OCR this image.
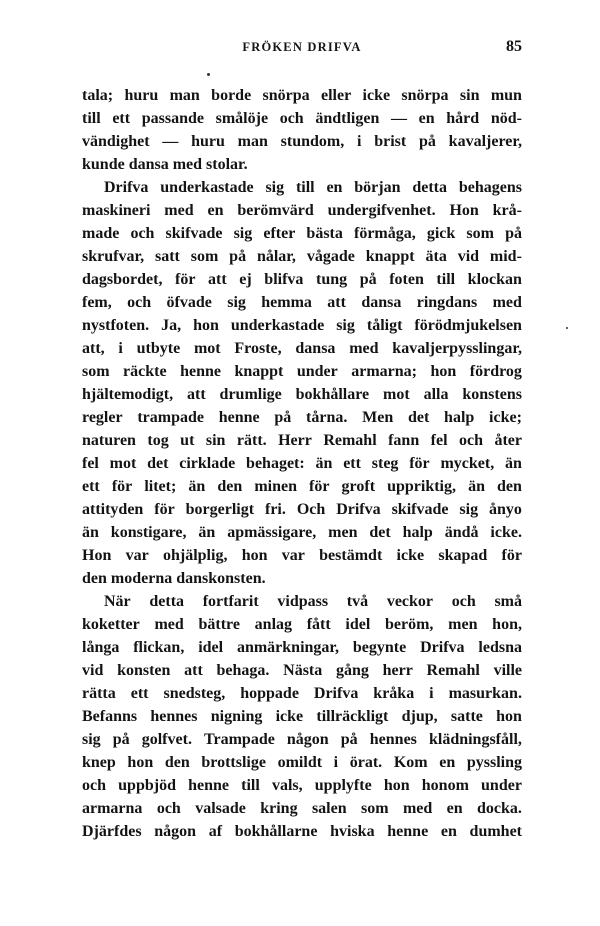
FRÖKEN DRIFVA	85
tala; huru man borde snörpa eller icke snörpa sin mun
till ett passande smålöje och ändtligen — en hård nöd-
vändighet — huru man stundom, i brist på kavaljerer,
kunde dansa med stolar.
Drifva underkastade sig till en början detta behagens
maskineri med en berömvärd undergifvenhet. Hon krå-
made och skifvade sig efter bästa förmåga, gick som på
skrufvar, satt som på nålar, vågade knappt äta vid mid-
dagsbordet, för att ej blifva tung på foten till klockan
fem, och öfvade sig hemma att dansa ringdans med
nystfoten. Ja, hon underkastade sig tåligt förödmjukelsen
att, i utbyte mot Froste, dansa med kavaljerpysslingar,
som räckte henne knappt under armarna; hon fördrog
hjältemodigt, att drumlige bokhållare mot alla konstens
regler trampade henne på tårna. Men det halp icke;
naturen tog ut sin rätt. Herr Remahl fann fel och åter
fel mot det cirklade behaget: än ett steg för mycket, än
ett för litet; än den minen för groft uppriktig, än den
attityden för borgerligt fri. Och Drifva skifvade sig ånyo
än konstigare, än apmässigare, men det halp ändå icke.
Hon var ohjälplig, hon var bestämdt icke skapad för
den moderna danskonsten.
När detta fortfarit vidpass två veckor och små
koketter med bättre anlag fått idel beröm, men hon,
långa flickan, idel anmärkningar, begynte Drifva ledsna
vid konsten att behaga. Nästa gång herr Remahl ville
rätta ett snedsteg, hoppade Drifva kråka i masurkan.
Befanns hennes nigning icke tillräckligt djup, satte hon
sig på golfvet. Trampade någon på hennes klädningsfåll,
knep hon den brottslige omildt i örat. Kom en pyssling
och uppbjöd henne till vals, upplyfte hon honom under
armarna och valsade kring salen som med en docka.
Djärfdes någon af bokhållarne hviska henne en dumhet
